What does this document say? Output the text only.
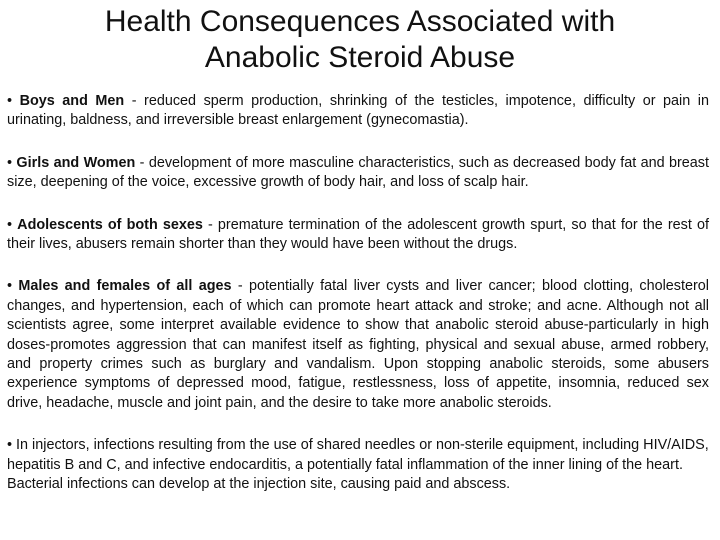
Health Consequences Associated with
Anabolic Steroid Abuse

• Boys and Men - reduced sperm production, shrinking of the testicles, impotence, difficulty or pain in urinating, baldness, and irreversible breast enlargement (gynecomastia).

• Girls and Women - development of more masculine characteristics, such as decreased body fat and breast size, deepening of the voice, excessive growth of body hair, and loss of scalp hair.

• Adolescents of both sexes - premature termination of the adolescent growth spurt, so that for the rest of their lives, abusers remain shorter than they would have been without the drugs.

• Males and females of all ages - potentially fatal liver cysts and liver cancer; blood clotting, cholesterol changes, and hypertension, each of which can promote heart attack and stroke; and acne. Although not all scientists agree, some interpret available evidence to show that anabolic steroid abuse-particularly in high doses-promotes aggression that can manifest itself as fighting, physical and sexual abuse, armed robbery, and property crimes such as burglary and vandalism. Upon stopping anabolic steroids, some abusers experience symptoms of depressed mood, fatigue, restlessness, loss of appetite, insomnia, reduced sex drive, headache, muscle and joint pain, and the desire to take more anabolic steroids.

• In injectors, infections resulting from the use of shared needles or non-sterile equipment, including HIV/AIDS, hepatitis B and C, and infective endocarditis, a potentially fatal inflammation of the inner lining of the heart. Bacterial infections can develop at the injection site, causing paid and abscess.
